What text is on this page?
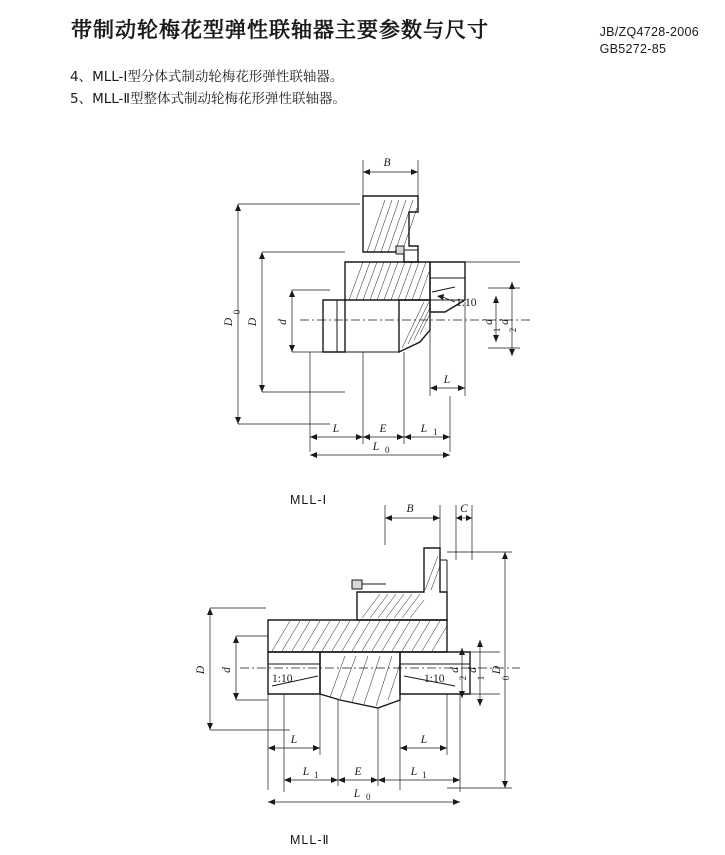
带制动轮梅花型弹性联轴器主要参数与尺寸	JB/ZQ4728-2006
GB5272-85
4、MLL-Ⅰ型分体式制动轮梅花形弹性联轴器。
5、MLL-Ⅱ型整体式制动轮梅花形弹性联轴器。
B
D
0
D d
1:10
d
1
d
2
L
L	E	L 1
L 0
B	C
D d
1:10	1:10
d
2
d
1
D
0
L	L
L 1	E	L 1
L 0
MLL-Ⅰ
MLL-Ⅱ
